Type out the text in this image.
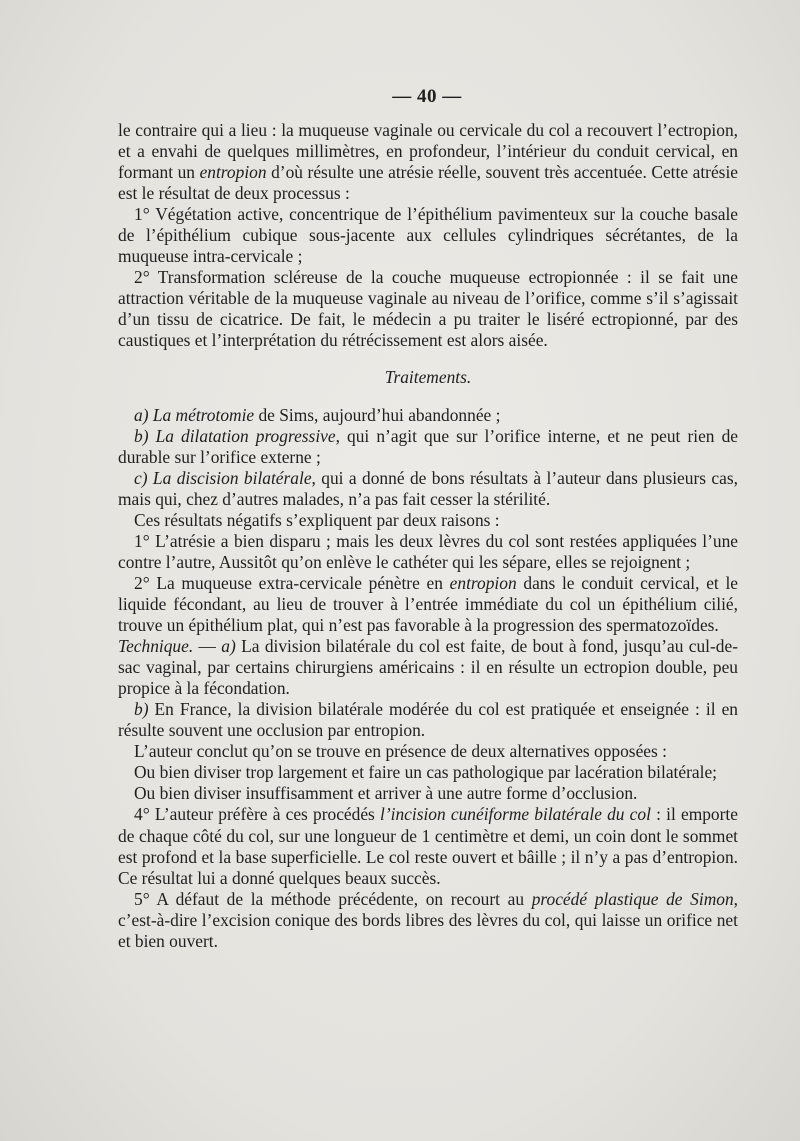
— 40 —

le contraire qui a lieu : la muqueuse vaginale ou cervicale du col a recouvert l’ectropion, et a envahi de quelques millimètres, en profondeur, l’intérieur du conduit cervical, en formant un entropion d’où résulte une atrésie réelle, souvent très accentuée. Cette atrésie est le résultat de deux processus :

1° Végétation active, concentrique de l’épithélium pavimenteux sur la couche basale de l’épithélium cubique sous-jacente aux cellules cylindriques sécrétantes, de la muqueuse intra-cervicale ;

2° Transformation scléreuse de la couche muqueuse ectropionnée : il se fait une attraction véritable de la muqueuse vaginale au niveau de l’orifice, comme s’il s’agissait d’un tissu de cicatrice. De fait, le médecin a pu traiter le liséré ectropionné, par des caustiques et l’interprétation du rétrécissement est alors aisée.

Traitements.

a) La métrotomie de Sims, aujourd’hui abandonnée ;

b) La dilatation progressive, qui n’agit que sur l’orifice interne, et ne peut rien de durable sur l’orifice externe ;

c) La discision bilatérale, qui a donné de bons résultats à l’auteur dans plusieurs cas, mais qui, chez d’autres malades, n’a pas fait cesser la stérilité.

Ces résultats négatifs s’expliquent par deux raisons :

1° L’atrésie a bien disparu ; mais les deux lèvres du col sont restées appliquées l’une contre l’autre, Aussitôt qu’on enlève le cathéter qui les sépare, elles se rejoignent ;

2° La muqueuse extra-cervicale pénètre en entropion dans le conduit cervical, et le liquide fécondant, au lieu de trouver à l’entrée immédiate du col un épithélium cilié, trouve un épithélium plat, qui n’est pas favorable à la progression des spermatozoïdes.

Technique. — a) La division bilatérale du col est faite, de bout à fond, jusqu’au cul-de-sac vaginal, par certains chirurgiens américains : il en résulte un ectropion double, peu propice à la fécondation.

b) En France, la division bilatérale modérée du col est pratiquée et enseignée : il en résulte souvent une occlusion par entropion.

L’auteur conclut qu’on se trouve en présence de deux alternatives opposées :

Ou bien diviser trop largement et faire un cas pathologique par lacération bilatérale;

Ou bien diviser insuffisamment et arriver à une autre forme d’occlusion.

4° L’auteur préfère à ces procédés l’incision cunéiforme bilatérale du col : il emporte de chaque côté du col, sur une longueur de 1 centimètre et demi, un coin dont le sommet est profond et la base superficielle. Le col reste ouvert et bâille ; il n’y a pas d’entropion. Ce résultat lui a donné quelques beaux succès.

5° A défaut de la méthode précédente, on recourt au procédé plastique de Simon, c’est-à-dire l’excision conique des bords libres des lèvres du col, qui laisse un orifice net et bien ouvert.
